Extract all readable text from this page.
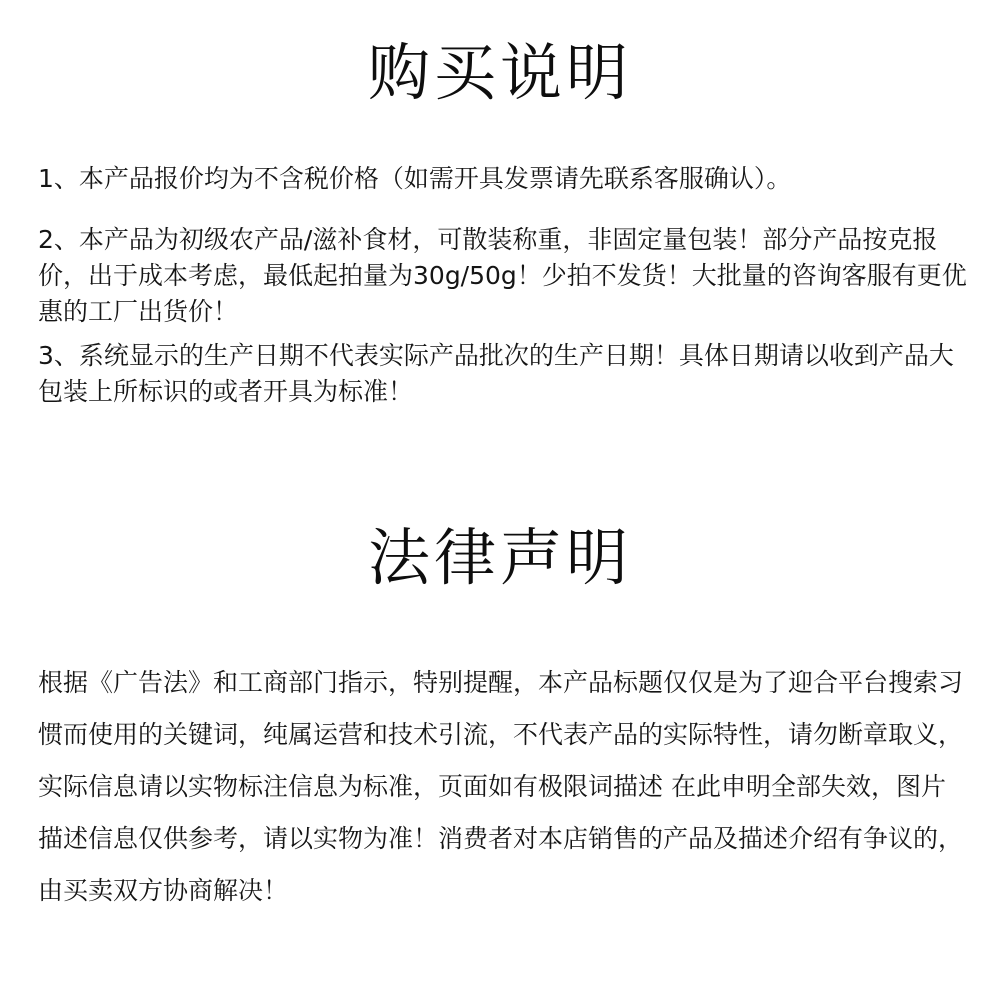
购买说明

1、本产品报价均为不含税价格（如需开具发票请先联系客服确认）。

2、本产品为初级农产品/滋补食材，可散装称重，非固定量包装！部分产品按克报价，出于成本考虑，最低起拍量为30g/50g！少拍不发货！大批量的咨询客服有更优惠的工厂出货价！

3、系统显示的生产日期不代表实际产品批次的生产日期！具体日期请以收到产品大包装上所标识的或者开具为标准！

法律声明

根据《广告法》和工商部门指示，特别提醒，本产品标题仅仅是为了迎合平台搜索习惯而使用的关键词，纯属运营和技术引流，不代表产品的实际特性，请勿断章取义，实际信息请以实物标注信息为标准，页面如有极限词描述 在此申明全部失效，图片描述信息仅供参考，请以实物为准！消费者对本店销售的产品及描述介绍有争议的，由买卖双方协商解决！
